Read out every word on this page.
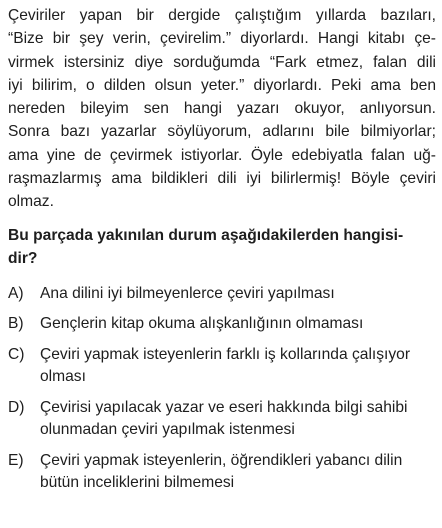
Çeviriler yapan bir dergide çalıştığım yıllarda bazıları,
“Bize bir şey verin, çevirelim.” diyorlardı. Hangi kitabı çe-
virmek istersiniz diye sorduğumda “Fark etmez, falan dili
iyi bilirim, o dilden olsun yeter.” diyorlardı. Peki ama ben
nereden bileyim sen hangi yazarı okuyor, anlıyorsun.
Sonra bazı yazarlar söylüyorum, adlarını bile bilmiyorlar;
ama yine de çevirmek istiyorlar. Öyle edebiyatla falan uğ-
raşmazlarmış ama bildikleri dili iyi bilirlermiş! Böyle çeviri
olmaz.
Bu parçada yakınılan durum aşağıdakilerden hangisi-
dir?
A)	Ana dilini iyi bilmeyenlerce çeviri yapılması
B)	Gençlerin kitap okuma alışkanlığının olmaması
C) Çeviri yapmak isteyenlerin farklı iş kollarında çalışıyor
olması
D) Çevirisi yapılacak yazar ve eseri hakkında bilgi sahibi
olunmadan çeviri yapılmak istenmesi
E)	Çeviri yapmak isteyenlerin, öğrendikleri yabancı dilin
bütün inceliklerini bilmemesi
